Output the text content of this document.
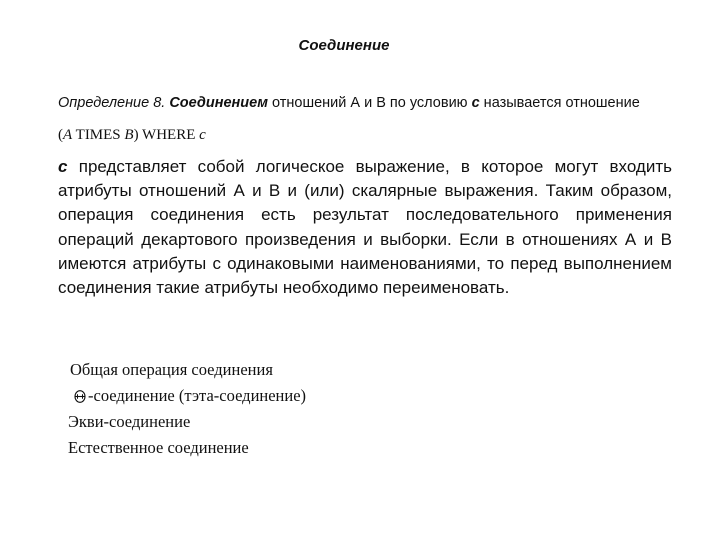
Соединение
Определение 8. Соединением отношений А и В по условию c называется отношение
(A TIMES B) WHERE c
c представляет собой логическое выражение, в которое могут входить атрибуты отношений А и В и (или) скалярные выражения. Таким образом, операция соединения есть результат последовательного применения операций декартового произведения и выборки. Если в отношениях А и В имеются атрибуты с одинаковыми наименованиями, то перед выполнением соединения такие атрибуты необходимо переименовать.
Общая операция соединения
-соединение (тэта-соединение)
Экви-соединение
Естественное соединение
